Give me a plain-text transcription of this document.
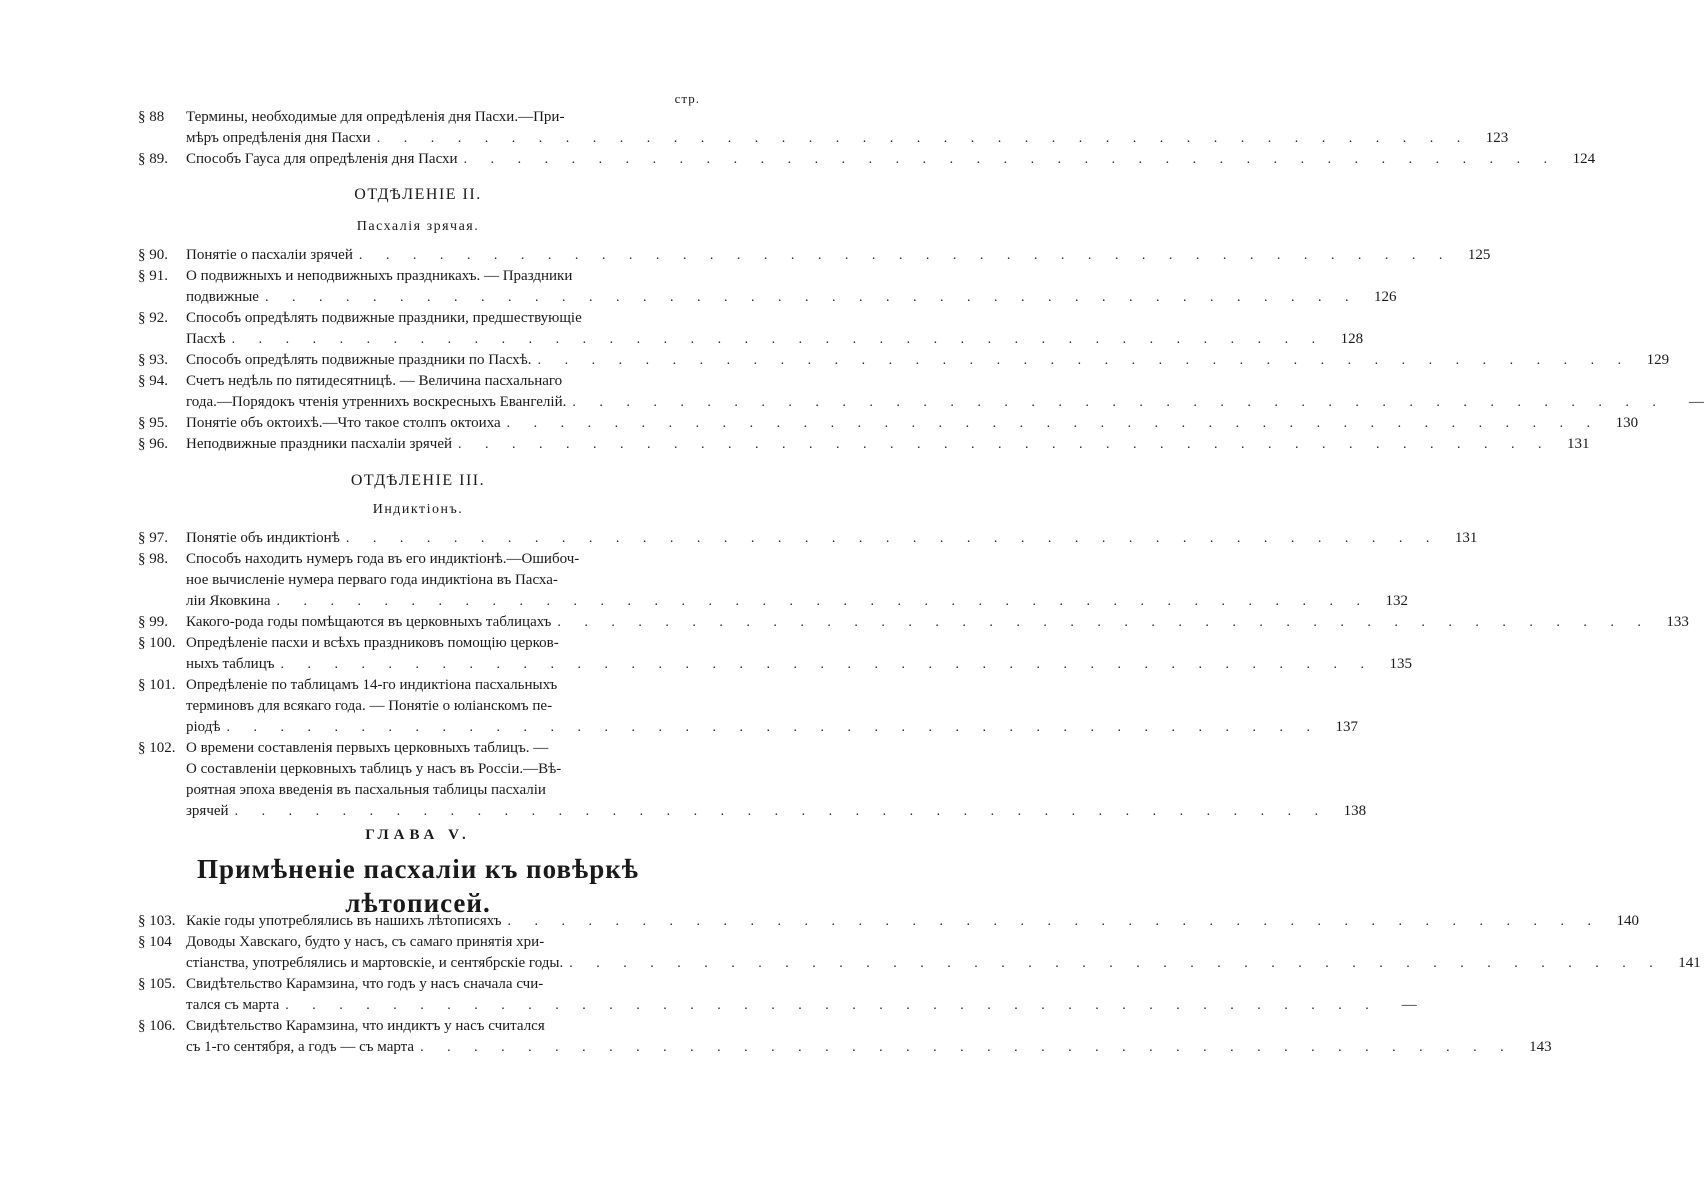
стр.
§ 88 Термины, необходимые для опредѣленія дня Пасхи.—При-
мѣръ опредѣленія дня Пасхи . . .	123
§ 89. Способъ Гауса для опредѣленія дня Пасхи . . .	124
ОТДѢЛЕНІЕ II.
Пасхалія зрячая.
§ 90. Понятіе о пасхаліи зрячей . . .	125
§ 91. О подвижныхъ и неподвижныхъ праздникахъ. — Праздники
подвижные . . .	126
§ 92. Способъ опредѣлять подвижные праздники, предшествующіе
Пасхѣ . . .	128
§ 93. Способъ опредѣлять подвижные праздники по Пасхѣ. . . .	129
§ 94. Счетъ недѣль по пятидесятницѣ. — Величина пасхальнаго
года.—Порядокъ чтенія утреннихъ воскресныхъ Евангелій. . . .	—
§ 95. Понятіе объ октоихѣ.—Что такое столпъ октоиха . . .	130
§ 96. Неподвижные праздники пасхаліи зрячей . . .	131
ОТДѢЛЕНІЕ III.
Индиктіонъ.
§ 97. Понятіе объ индиктіонѣ . . .	131
§ 98. Способъ находить нумеръ года въ его индиктіонѣ.—Ошибоч-
ное вычисленіе нумера перваго года индиктіона въ Пасха-
ліи Яковкина . . .	132
§ 99. Какого-рода годы помѣщаются въ церковныхъ таблицахъ . . .	133
§ 100. Опредѣленіе пасхи и всѣхъ праздниковъ помощію церков-
ныхъ таблицъ . . .	135
§ 101. Опредѣленіе по таблицамъ 14-го индиктіона пасхальныхъ
терминовъ для всякаго года. — Понятіе о юліанскомъ пе-
ріодѣ . . .	137
§ 102. О времени составленія первыхъ церковныхъ таблицъ. —
О составленіи церковныхъ таблицъ у насъ въ Россіи.—Вѣ-
роятная эпоха введенія въ пасхальныя таблицы пасхаліи
зрячей . . .	138
ГЛАВА V.
Примѣненіе пасхаліи къ повѣркѣ
лѣтописей.
§ 103. Какіе годы употреблялись въ нашихъ лѣтописяхъ . . .	140
§ 104 Доводы Хавскаго, будто у насъ, съ самаго принятія хри-
стіанства, употреблялись и мартовскіе, и сентябрскіе годы. . . .	141
§ 105. Свидѣтельство Карамзина, что годъ у насъ сначала счи-
тался съ марта . . .	—
§ 106. Свидѣтельство Карамзина, что индиктъ у насъ считался
съ 1-го сентября, а годъ — съ марта . . .	143
